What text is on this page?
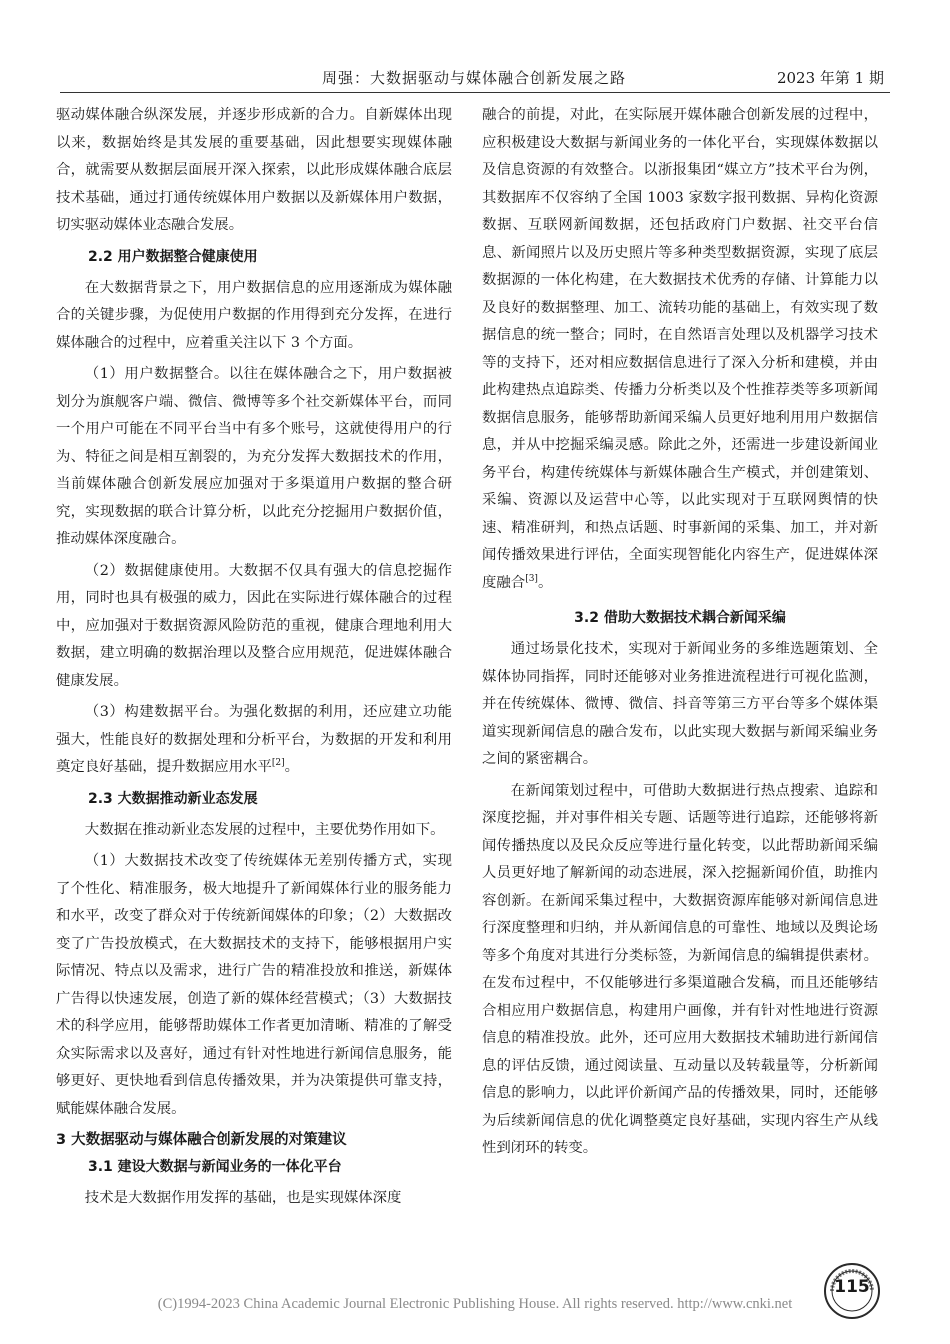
周强：大数据驱动与媒体融合创新发展之路	2023 年第 1 期

驱动媒体融合纵深发展，并逐步形成新的合力。自新媒体出现以来，数据始终是其发展的重要基础，因此想要实现媒体融合，就需要从数据层面展开深入探索，以此形成媒体融合底层技术基础，通过打通传统媒体用户数据以及新媒体用户数据，切实驱动媒体业态融合发展。

2.2 用户数据整合健康使用

在大数据背景之下，用户数据信息的应用逐渐成为媒体融合的关键步骤，为促使用户数据的作用得到充分发挥，在进行媒体融合的过程中，应着重关注以下 3 个方面。

（1）用户数据整合。以往在媒体融合之下，用户数据被划分为旗舰客户端、微信、微博等多个社交新媒体平台，而同一个用户可能在不同平台当中有多个账号，这就使得用户的行为、特征之间是相互割裂的，为充分发挥大数据技术的作用，当前媒体融合创新发展应加强对于多渠道用户数据的整合研究，实现数据的联合计算分析，以此充分挖掘用户数据价值，推动媒体深度融合。

（2）数据健康使用。大数据不仅具有强大的信息挖掘作用，同时也具有极强的威力，因此在实际进行媒体融合的过程中，应加强对于数据资源风险防范的重视，健康合理地利用大数据，建立明确的数据治理以及整合应用规范，促进媒体融合健康发展。

（3）构建数据平台。为强化数据的利用，还应建立功能强大，性能良好的数据处理和分析平台，为数据的开发和利用奠定良好基础，提升数据应用水平[2]。

2.3 大数据推动新业态发展

大数据在推动新业态发展的过程中，主要优势作用如下。

（1）大数据技术改变了传统媒体无差别传播方式，实现了个性化、精准服务，极大地提升了新闻媒体行业的服务能力和水平，改变了群众对于传统新闻媒体的印象；（2）大数据改变了广告投放模式，在大数据技术的支持下，能够根据用户实际情况、特点以及需求，进行广告的精准投放和推送，新媒体广告得以快速发展，创造了新的媒体经营模式；（3）大数据技术的科学应用，能够帮助媒体工作者更加清晰、精准的了解受众实际需求以及喜好，通过有针对性地进行新闻信息服务，能够更好、更快地看到信息传播效果，并为决策提供可靠支持，赋能媒体融合发展。

3 大数据驱动与媒体融合创新发展的对策建议
3.1 建设大数据与新闻业务的一体化平台

技术是大数据作用发挥的基础，也是实现媒体深度

融合的前提，对此，在实际展开媒体融合创新发展的过程中，应积极建设大数据与新闻业务的一体化平台，实现媒体数据以及信息资源的有效整合。以浙报集团“媒立方”技术平台为例，其数据库不仅容纳了全国 1003 家数字报刊数据、异构化资源数据、互联网新闻数据，还包括政府门户数据、社交平台信息、新闻照片以及历史照片等多种类型数据资源，实现了底层数据源的一体化构建，在大数据技术优秀的存储、计算能力以及良好的数据整理、加工、流转功能的基础上，有效实现了数据信息的统一整合；同时，在自然语言处理以及机器学习技术等的支持下，还对相应数据信息进行了深入分析和建模，并由此构建热点追踪类、传播力分析类以及个性推荐类等多项新闻数据信息服务，能够帮助新闻采编人员更好地利用用户数据信息，并从中挖掘采编灵感。除此之外，还需进一步建设新闻业务平台，构建传统媒体与新媒体融合生产模式，并创建策划、采编、资源以及运营中心等，以此实现对于互联网舆情的快速、精准研判，和热点话题、时事新闻的采集、加工，并对新闻传播效果进行评估，全面实现智能化内容生产，促进媒体深度融合[3]。

3.2 借助大数据技术耦合新闻采编

通过场景化技术，实现对于新闻业务的多维选题策划、全媒体协同指挥，同时还能够对业务推进流程进行可视化监测，并在传统媒体、微博、微信、抖音等第三方平台等多个媒体渠道实现新闻信息的融合发布，以此实现大数据与新闻采编业务之间的紧密耦合。

在新闻策划过程中，可借助大数据进行热点搜索、追踪和深度挖掘，并对事件相关专题、话题等进行追踪，还能够将新闻传播热度以及民众反应等进行量化转变，以此帮助新闻采编人员更好地了解新闻的动态进展，深入挖掘新闻价值，助推内容创新。在新闻采集过程中，大数据资源库能够对新闻信息进行深度整理和归纳，并从新闻信息的可靠性、地域以及舆论场等多个角度对其进行分类标签，为新闻信息的编辑提供素材。在发布过程中，不仅能够进行多渠道融合发稿，而且还能够结合相应用户数据信息，构建用户画像，并有针对性地进行资源信息的精准投放。此外，还可应用大数据技术辅助进行新闻信息的评估反馈，通过阅读量、互动量以及转载量等，分析新闻信息的影响力，以此评价新闻产品的传播效果，同时，还能够为后续新闻信息的优化调整奠定良好基础，实现内容生产从线性到闭环的转变。

115
(C)1994-2023 China Academic Journal Electronic Publishing House. All rights reserved. http://www.cnki.net
